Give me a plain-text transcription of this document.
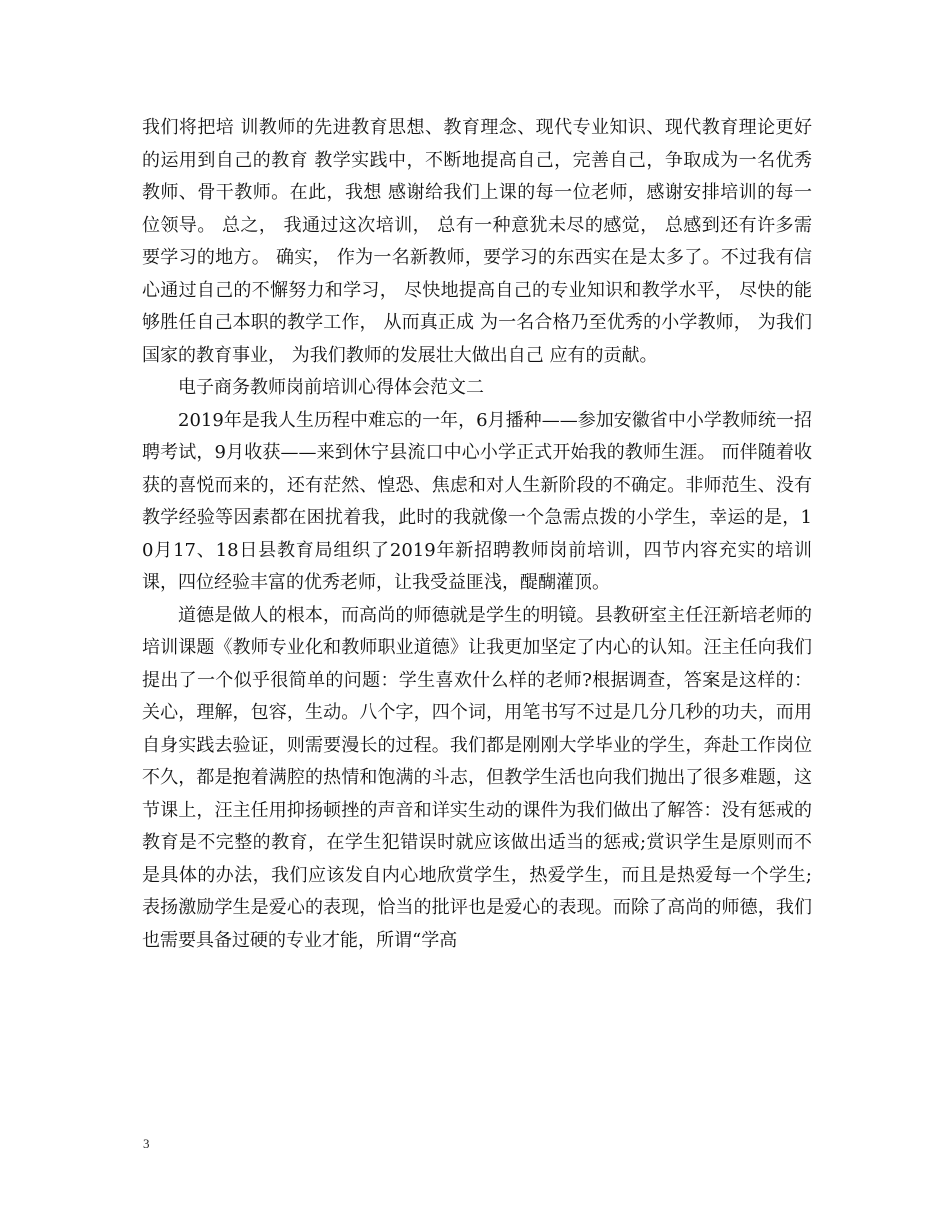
我们将把培 训教师的先进教育思想、教育理念、现代专业知识、现代教育理论更好的运用到自己的教育 教学实践中，不断地提高自己，完善自己，争取成为一名优秀教师、骨干教师。在此，我想 感谢给我们上课的每一位老师，感谢安排培训的每一位领导。 总之， 我通过这次培训， 总有一种意犹未尽的感觉， 总感到还有许多需要学习的地方。 确实， 作为一名新教师，要学习的东西实在是太多了。不过我有信心通过自己的不懈努力和学习， 尽快地提高自己的专业知识和教学水平， 尽快的能够胜任自己本职的教学工作， 从而真正成 为一名合格乃至优秀的小学教师， 为我们国家的教育事业， 为我们教师的发展壮大做出自己 应有的贡献。

电子商务教师岗前培训心得体会范文二

2019年是我人生历程中难忘的一年，6月播种——参加安徽省中小学教师统一招聘考试，9月收获——来到休宁县流口中心小学正式开始我的教师生涯。 而伴随着收获的喜悦而来的，还有茫然、惶恐、焦虑和对人生新阶段的不确定。非师范生、没有教学经验等因素都在困扰着我，此时的我就像一个急需点拨的小学生，幸运的是，10月17、18日县教育局组织了2019年新招聘教师岗前培训，四节内容充实的培训课，四位经验丰富的优秀老师，让我受益匪浅，醍醐灌顶。

道德是做人的根本，而高尚的师德就是学生的明镜。县教研室主任汪新培老师的培训课题《教师专业化和教师职业道德》让我更加坚定了内心的认知。汪主任向我们提出了一个似乎很简单的问题：学生喜欢什么样的老师?根据调查，答案是这样的：关心，理解，包容，生动。八个字，四个词，用笔书写不过是几分几秒的功夫，而用自身实践去验证，则需要漫长的过程。我们都是刚刚大学毕业的学生，奔赴工作岗位不久，都是抱着满腔的热情和饱满的斗志，但教学生活也向我们抛出了很多难题，这节课上，汪主任用抑扬顿挫的声音和详实生动的课件为我们做出了解答：没有惩戒的教育是不完整的教育，在学生犯错误时就应该做出适当的惩戒;赏识学生是原则而不是具体的办法，我们应该发自内心地欣赏学生，热爱学生，而且是热爱每一个学生;表扬激励学生是爱心的表现，恰当的批评也是爱心的表现。而除了高尚的师德，我们也需要具备过硬的专业才能，所谓“学高

3
